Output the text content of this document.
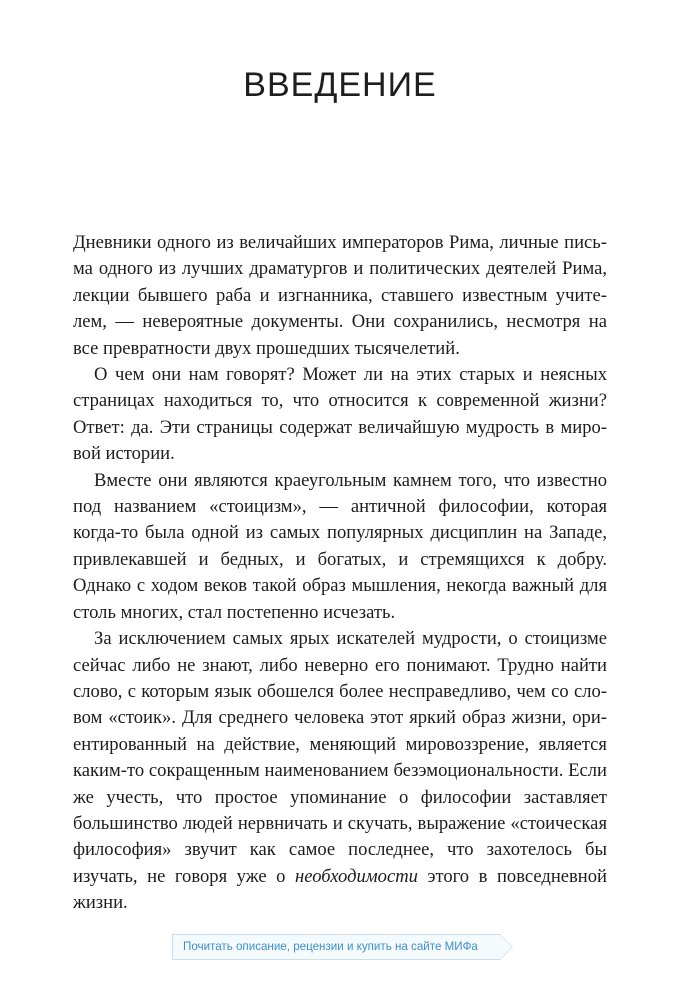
ВВЕДЕНИЕ

Дневники одного из величайших императоров Рима, личные письма одного из лучших драматургов и политических деятелей Рима, лекции бывшего раба и изгнанника, ставшего известным учителем, — невероятные документы. Они сохранились, несмотря на все превратности двух прошедших тысячелетий.

О чем они нам говорят? Может ли на этих старых и неясных страницах находиться то, что относится к современной жизни? Ответ: да. Эти страницы содержат величайшую мудрость в мировой истории.

Вместе они являются краеугольным камнем того, что известно под названием «стоицизм», — античной философии, которая когда-то была одной из самых популярных дисциплин на Западе, привлекавшей и бедных, и богатых, и стремящихся к добру. Однако с ходом веков такой образ мышления, некогда важный для столь многих, стал постепенно исчезать.

За исключением самых ярых искателей мудрости, о стоицизме сейчас либо не знают, либо неверно его понимают. Трудно найти слово, с которым язык обошелся более несправедливо, чем со словом «стоик». Для среднего человека этот яркий образ жизни, ориентированный на действие, меняющий мировоззрение, является каким-то сокращенным наименованием безэмоциональности. Если же учесть, что простое упоминание о философии заставляет большинство людей нервничать и скучать, выражение «стоическая философия» звучит как самое последнее, что захотелось бы изучать, не говоря уже о необходимости этого в повседневной жизни.

Почитать описание, рецензии и купить на сайте МИФа
